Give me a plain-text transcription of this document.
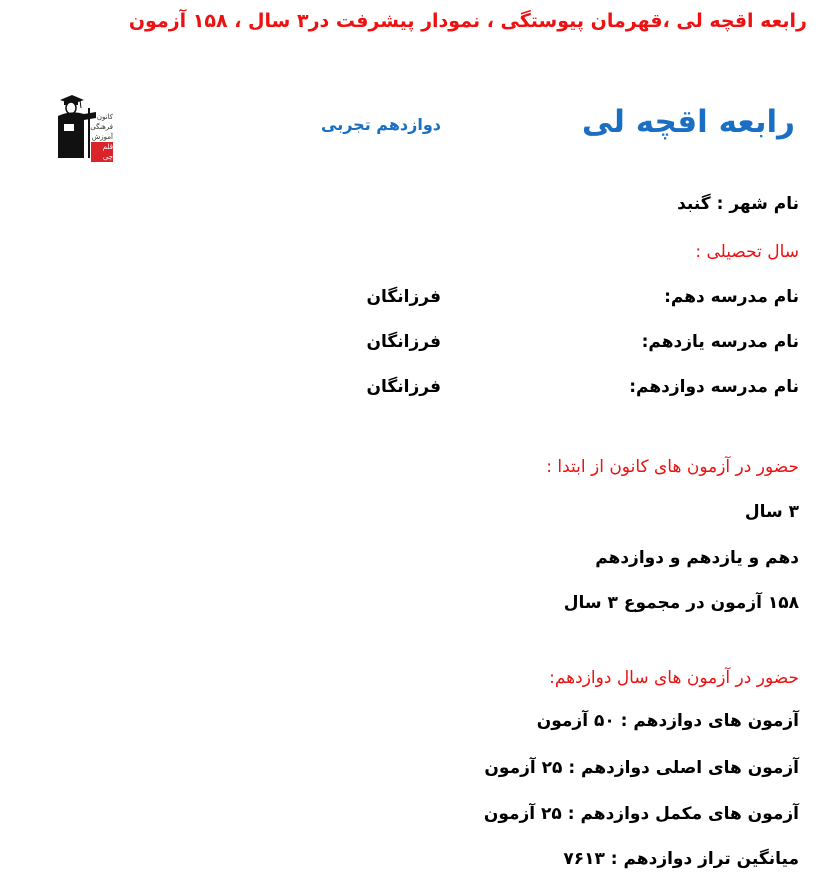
رابعه اقچه لی ،قهرمان پیوستگی ، نمودار پیشرفت در۳ سال ، ۱۵۸ آزمون
رابعه اقچه لی
دوازدهم تجربی
کانون
فرهنگی
آموزش
قلم چی
نام شهر : گنبد
سال تحصیلی :
نام مدرسه دهم:
فرزانگان
نام مدرسه یازدهم:
فرزانگان
نام مدرسه دوازدهم:
فرزانگان
حضور در آزمون های کانون از ابتدا :
۳ سال
دهم و یازدهم و دوازدهم
۱۵۸ آزمون در مجموع ۳ سال
حضور در آزمون های سال دوازدهم:
آزمون های دوازدهم : ۵۰ آزمون
آزمون های اصلی دوازدهم : ۲۵ آزمون
آزمون های مکمل دوازدهم : ۲۵ آزمون
میانگین تراز دوازدهم : ۷۶۱۳
